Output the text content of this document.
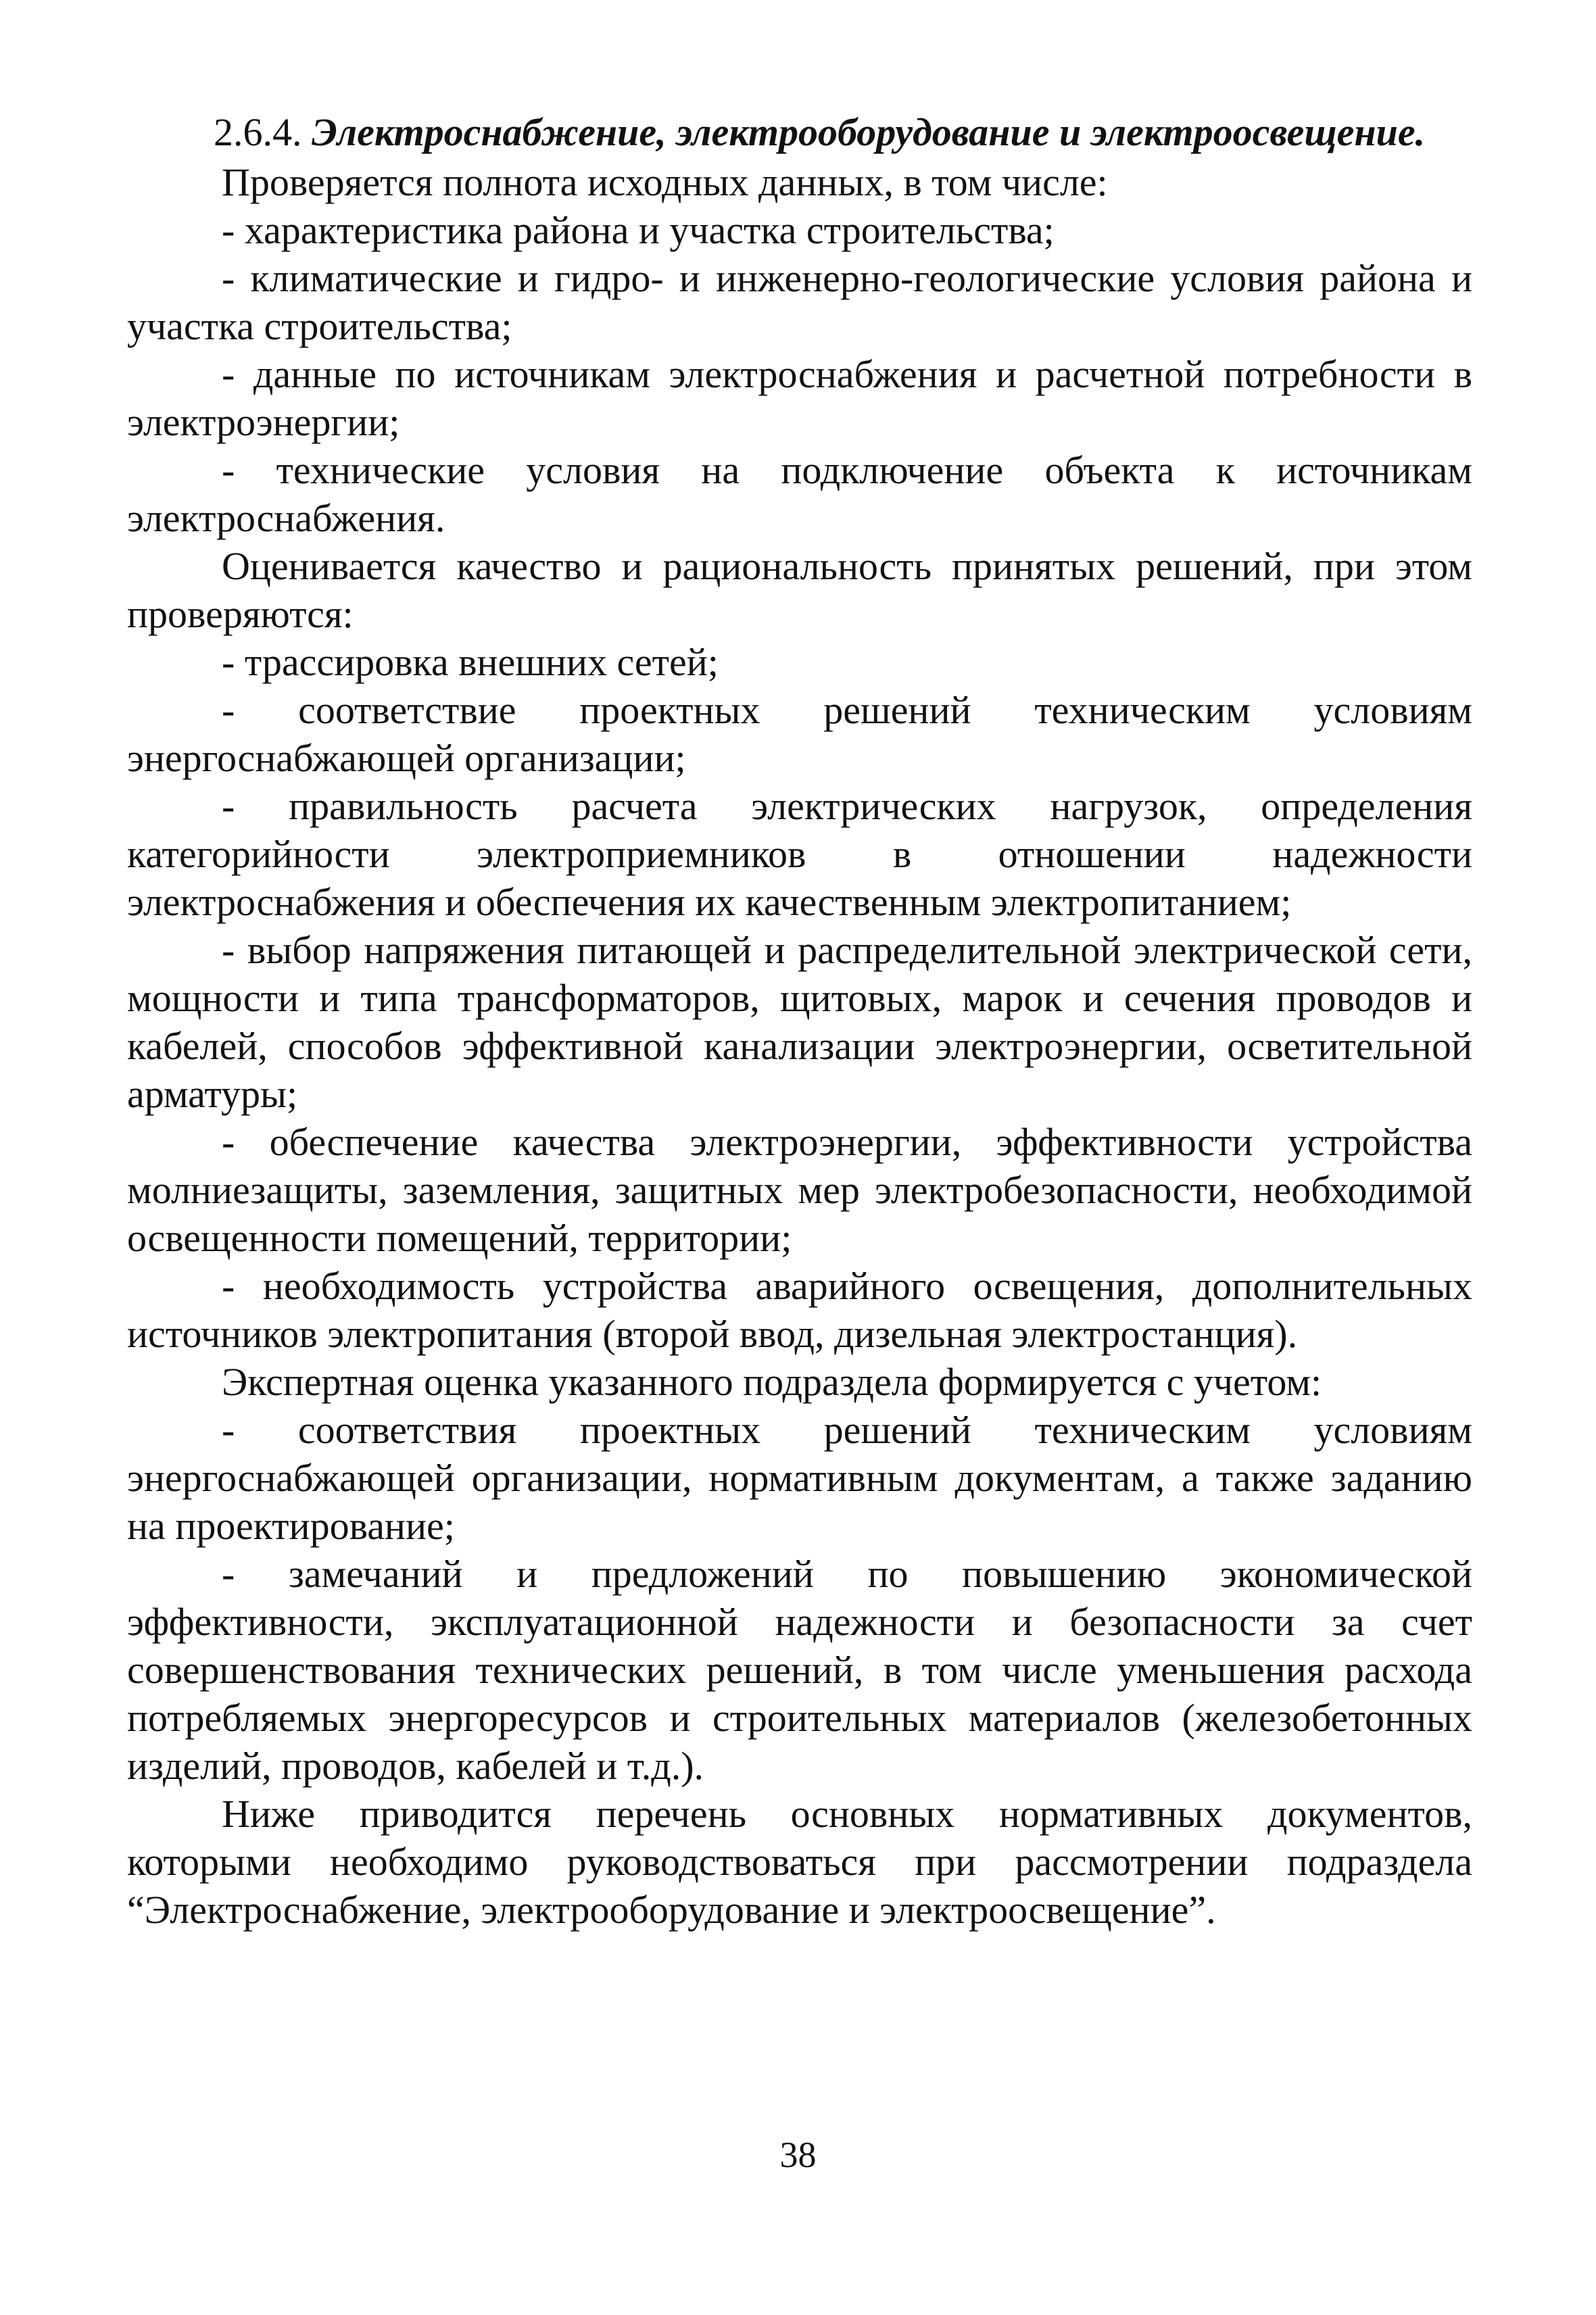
2.6.4. Электроснабжение, электрооборудование и электроосвещение.

Проверяется полнота исходных данных, в том числе:

- характеристика района и участка строительства;

- климатические и гидро- и инженерно-геологические условия района и участка строительства;

- данные по источникам электроснабжения и расчетной потребности в электроэнергии;

- технические условия на подключение объекта к источникам электроснабжения.

Оценивается качество и рациональность принятых решений, при этом проверяются:

- трассировка внешних сетей;

- соответствие проектных решений техническим условиям энергоснабжающей организации;

- правильность расчета электрических нагрузок, определения категорийности электроприемников в отношении надежности электроснабжения и обеспечения их качественным электропитанием;

- выбор напряжения питающей и распределительной электрической сети, мощности и типа трансформаторов, щитовых, марок и сечения проводов и кабелей, способов эффективной канализации электроэнергии, осветительной арматуры;

- обеспечение качества электроэнергии, эффективности устройства молниезащиты, заземления, защитных мер электробезопасности, необходимой освещенности помещений, территории;

- необходимость устройства аварийного освещения, дополнительных источников электропитания (второй ввод, дизельная электростанция).

Экспертная оценка указанного подраздела формируется с учетом:

- соответствия проектных решений техническим условиям энергоснабжающей организации, нормативным документам, а также заданию на проектирование;

- замечаний и предложений по повышению экономической эффективности, эксплуатационной надежности и безопасности за счет совершенствования технических решений, в том числе уменьшения расхода потребляемых энергоресурсов и строительных материалов (железобетонных изделий, проводов, кабелей и т.д.).

Ниже приводится перечень основных нормативных документов, которыми необходимо руководствоваться при рассмотрении подраздела “Электроснабжение, электрооборудование и электроосвещение”.

38
